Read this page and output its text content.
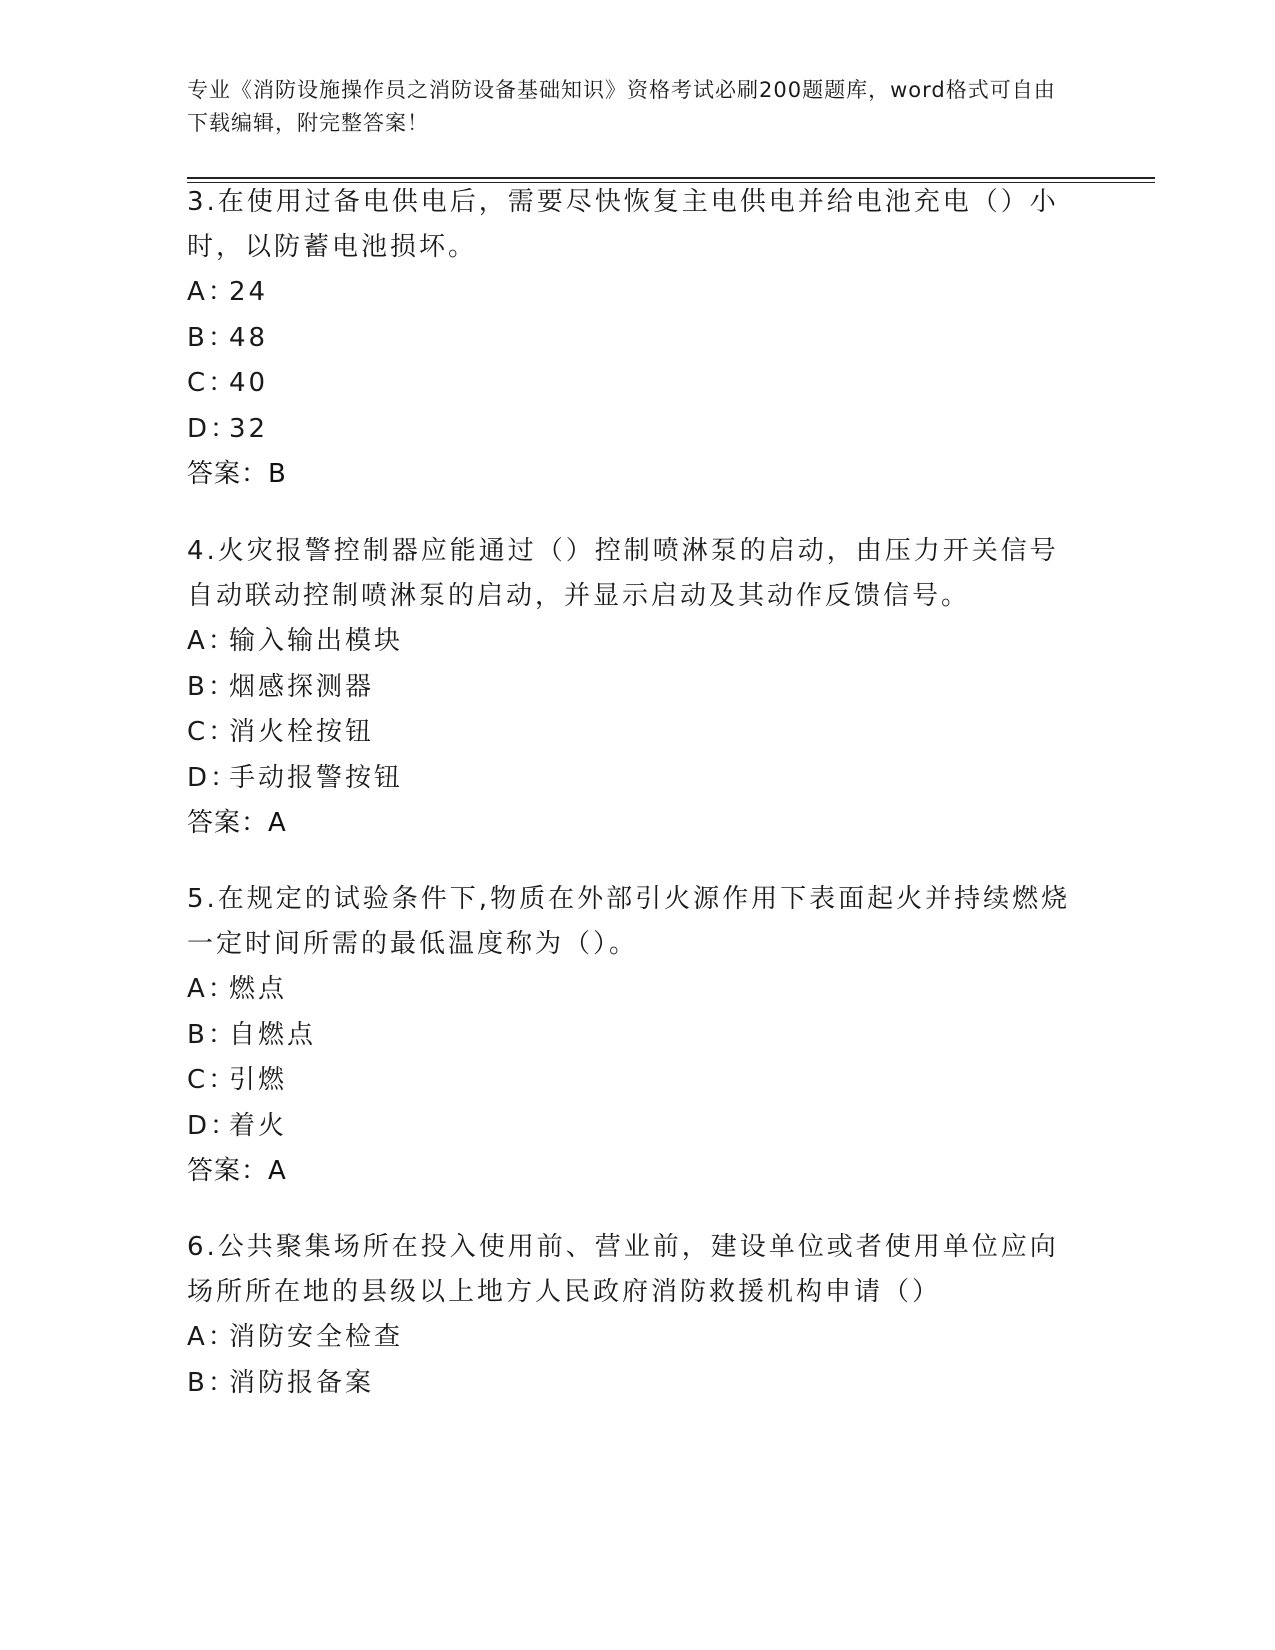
专业《消防设施操作员之消防设备基础知识》资格考试必刷200题题库，word格式可自由下载编辑，附完整答案！

3.在使用过备电供电后，需要尽快恢复主电供电并给电池充电（）小时，以防蓄电池损坏。

A：24
B：48
C：40
D：32
答案：B

4.火灾报警控制器应能通过（）控制喷淋泵的启动，由压力开关信号自动联动控制喷淋泵的启动，并显示启动及其动作反馈信号。

A：输入输出模块
B：烟感探测器
C：消火栓按钮
D：手动报警按钮
答案：A

5.在规定的试验条件下,物质在外部引火源作用下表面起火并持续燃烧一定时间所需的最低温度称为（）。

A：燃点
B：自燃点
C：引燃
D：着火
答案：A

6.公共聚集场所在投入使用前、营业前，建设单位或者使用单位应向场所所在地的县级以上地方人民政府消防救援机构申请（）

A：消防安全检查
B：消防报备案
